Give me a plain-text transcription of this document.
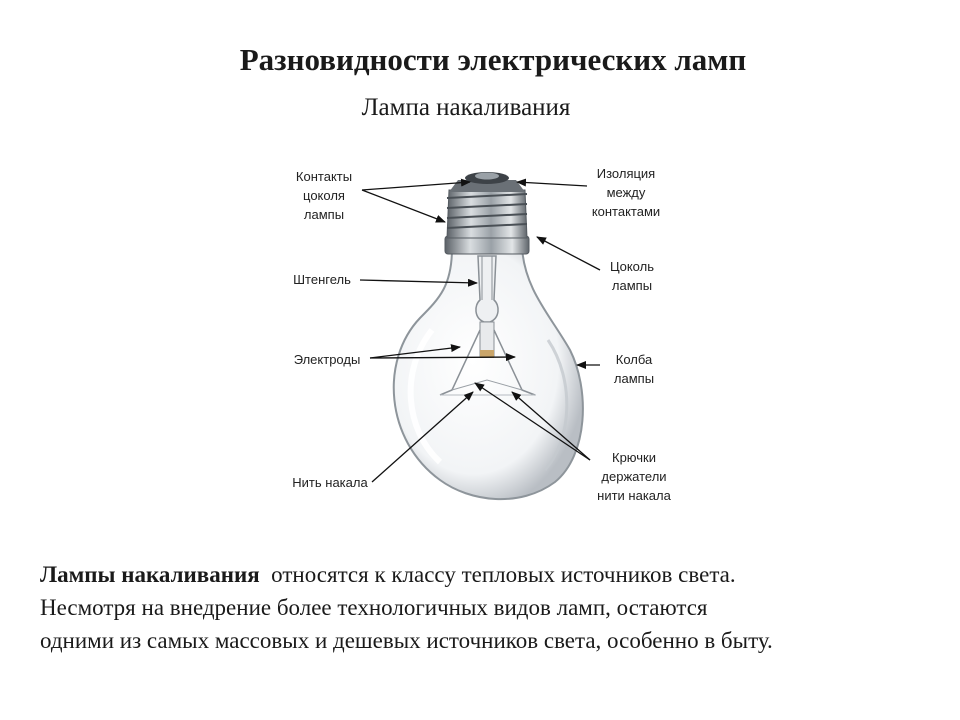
Разновидности электрических ламп
Лампа накаливания
Контакты
цоколя
лампы
Изоляция
между
контактами
Штенгель
Цоколь
лампы
Электроды	Колба
лампы
Нить накала
Крючки
держатели
нити накала
Лампы накаливания  относятся к классу тепловых источников света.
Несмотря на внедрение более технологичных видов ламп, остаются
одними из самых массовых и дешевых источников света, особенно в быту.
